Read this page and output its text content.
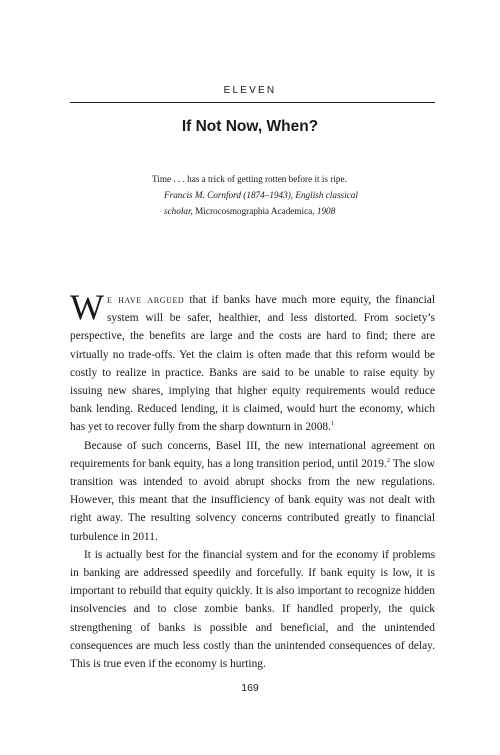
ELEVEN
If Not Now, When?
Time . . . has a trick of getting rotten before it is ripe.
Francis M. Cornford (1874–1943), English classical
scholar, Microcosmographia Academica, 1908

We have argued that if banks have much more equity, the financial system will be safer, healthier, and less distorted. From society’s perspective, the benefits are large and the costs are hard to find; there are virtually no trade-offs. Yet the claim is often made that this reform would be costly to realize in practice. Banks are said to be unable to raise equity by issuing new shares, implying that higher equity requirements would reduce bank lending. Reduced lending, it is claimed, would hurt the economy, which has yet to recover fully from the sharp downturn in 2008.$^1$

Because of such concerns, Basel III, the new international agreement on requirements for bank equity, has a long transition period, until 2019.$^2$ The slow transition was intended to avoid abrupt shocks from the new regulations. However, this meant that the insufficiency of bank equity was not dealt with right away. The resulting solvency concerns contributed greatly to financial turbulence in 2011.

It is actually best for the financial system and for the economy if problems in banking are addressed speedily and forcefully. If bank equity is low, it is important to rebuild that equity quickly. It is also important to recognize hidden insolvencies and to close zombie banks. If handled properly, the quick strengthening of banks is possible and beneficial, and the unintended consequences are much less costly than the unintended consequences of delay. This is true even if the economy is hurting.

169
